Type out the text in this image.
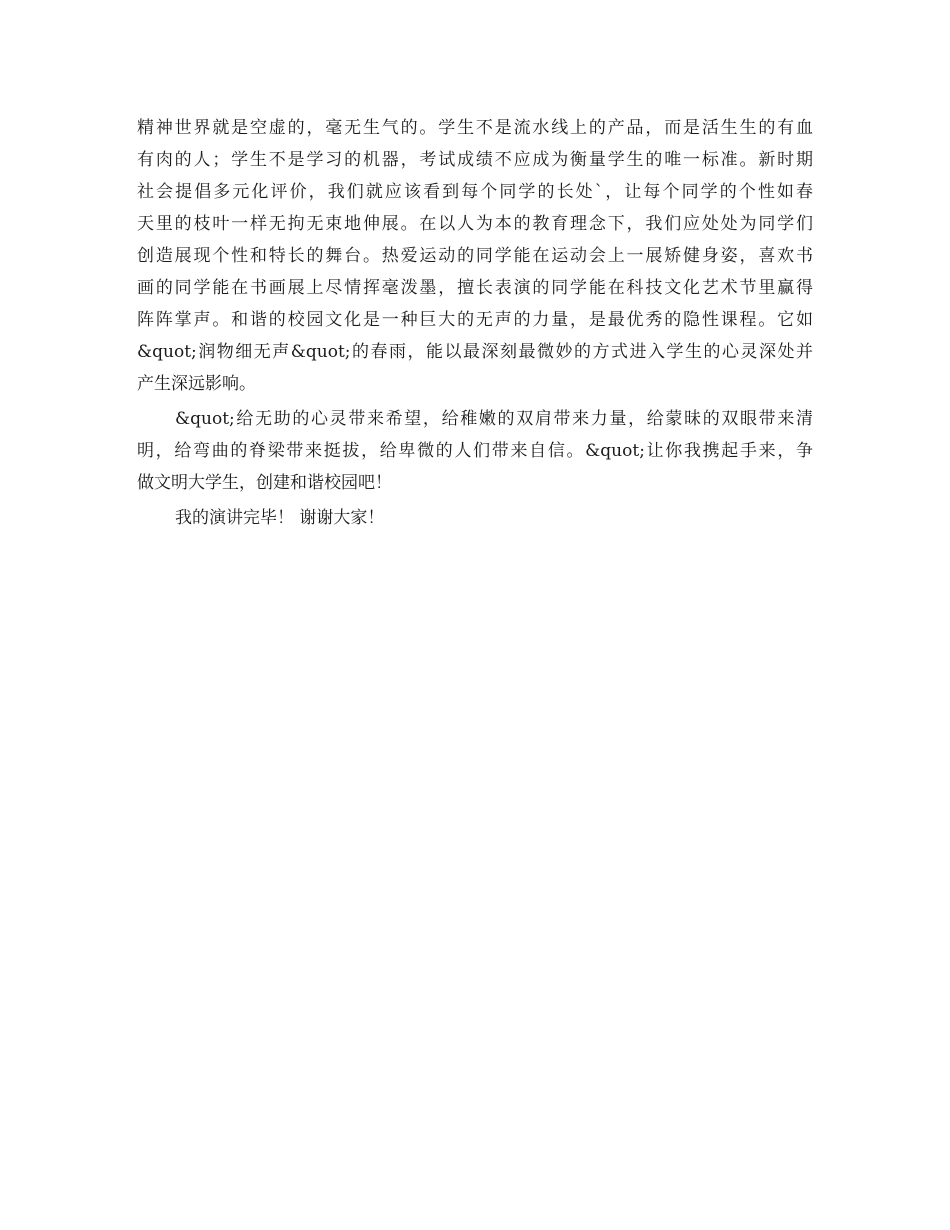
精神世界就是空虚的，毫无生气的。学生不是流水线上的产品，而是活生生的有血
有肉的人；学生不是学习的机器，考试成绩不应成为衡量学生的唯一标准。新时期
社会提倡多元化评价，我们就应该看到每个同学的长处`，让每个同学的个性如春
天里的枝叶一样无拘无束地伸展。在以人为本的教育理念下，我们应处处为同学们
创造展现个性和特长的舞台。热爱运动的同学能在运动会上一展矫健身姿，喜欢书
画的同学能在书画展上尽情挥毫泼墨，擅长表演的同学能在科技文化艺术节里赢得
阵阵掌声。和谐的校园文化是一种巨大的无声的力量，是最优秀的隐性课程。它如
&quot;润物细无声&quot;的春雨，能以最深刻最微妙的方式进入学生的心灵深处并
产生深远影响。
&quot;给无助的心灵带来希望，给稚嫩的双肩带来力量，给蒙昧的双眼带来清
明，给弯曲的脊梁带来挺拔，给卑微的人们带来自信。&quot;让你我携起手来，争
做文明大学生，创建和谐校园吧！
我的演讲完毕！ 谢谢大家！
